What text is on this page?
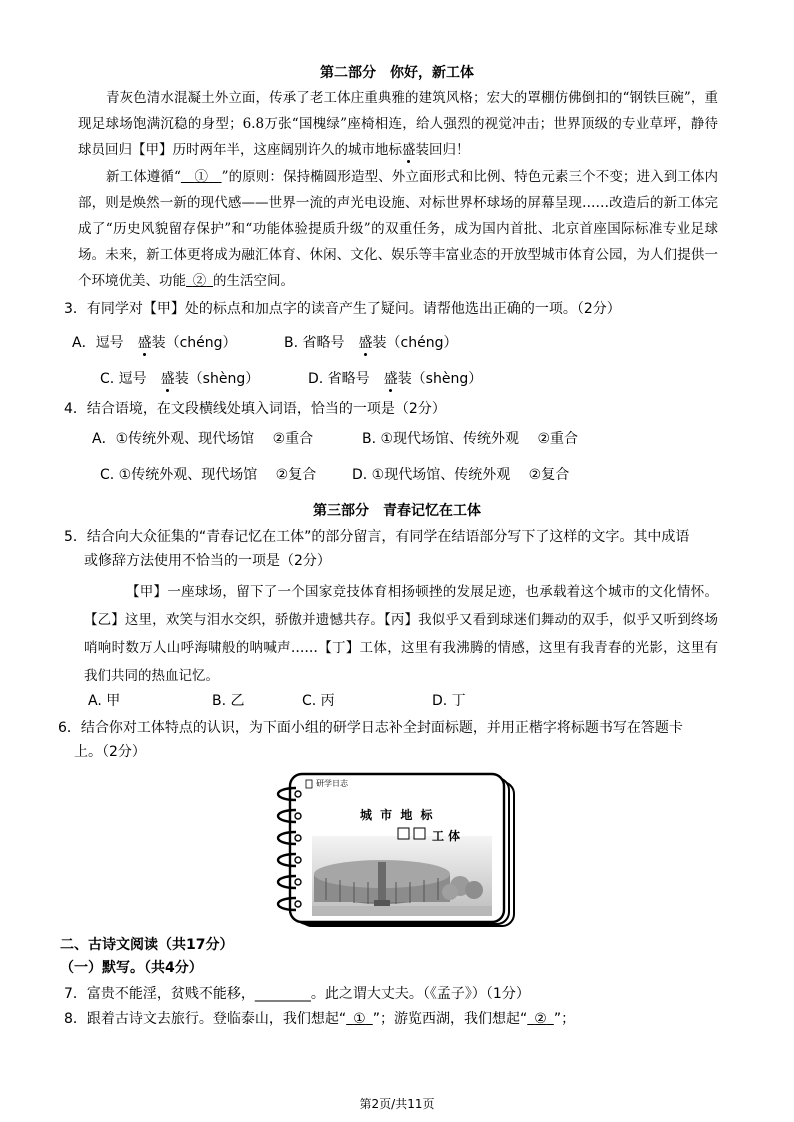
第二部分　你好，新工体
青灰色清水混凝土外立面，传承了老工体庄重典雅的建筑风格；宏大的罩棚仿佛倒扣的“钢铁巨碗”，重现足球场饱满沉稳的身型；6.8万张“国槐绿”座椅相连，给人强烈的视觉冲击；世界顶级的专业草坪，静待球员回归【甲】历时两年半，这座阔别许久的城市地标盛装回归！
新工体遵循“  ①  ”的原则：保持椭圆形造型、外立面形式和比例、特色元素三个不变；进入到工体内部，则是焕然一新的现代感——世界一流的声光电设施、对标世界杯球场的屏幕呈现……改造后的新工体完成了“历史风貌留存保护”和“功能体验提质升级”的双重任务，成为国内首批、北京首座国际标准专业足球场。未来，新工体更将成为融汇体育、休闲、文化、娱乐等丰富业态的开放型城市体育公园，为人们提供一个环境优美、功能  ②  的生活空间。
3．有同学对【甲】处的标点和加点字的读音产生了疑问。请帮他选出正确的一项。（2分）
A．逗号  盛装（chéng）	B. 省略号  盛装（chéng）
C. 逗号  盛装（shèng）	D. 省略号  盛装（shèng）
4．结合语境，在文段横线处填入词语，恰当的一项是（2分）
A．①传统外观、现代场馆　 ②重合	B. ①现代场馆、传统外观　 ②重合
C. ①传统外观、现代场馆　 ②复合	D. ①现代场馆、传统外观　 ②复合
第三部分　青春记忆在工体
5．结合向大众征集的“青春记忆在工体”的部分留言，有同学在结语部分写下了这样的文字。其中成语
或修辞方法使用不恰当的一项是（2分）
【甲】一座球场，留下了一个国家竞技体育相扬顿挫的发展足迹，也承载着这个城市的文化情怀。【乙】这里，欢笑与泪水交织，骄傲并遗憾共存。【丙】我似乎又看到球迷们舞动的双手，似乎又听到终场哨响时数万人山呼海啸般的呐喊声……【丁】工体，这里有我沸腾的情感，这里有我青春的光影，这里有我们共同的热血记忆。
A. 甲	B. 乙	C. 丙	D. 丁
6．结合你对工体特点的认识，为下面小组的研学日志补全封面标题，并用正楷字将标题书写在答题卡
上。（2分）
研学日志
城 市 地 标
工 体
二、古诗文阅读（共17分）
（一）默写。（共4分）
7．富贵不能淫，贫贱不能移，________。此之谓大丈夫。（《孟子》）（1分）
8．跟着古诗文去旅行。登临泰山，我们想起“  ①  ”；游览西湖，我们想起“  ②  ”；
第2页/共11页
